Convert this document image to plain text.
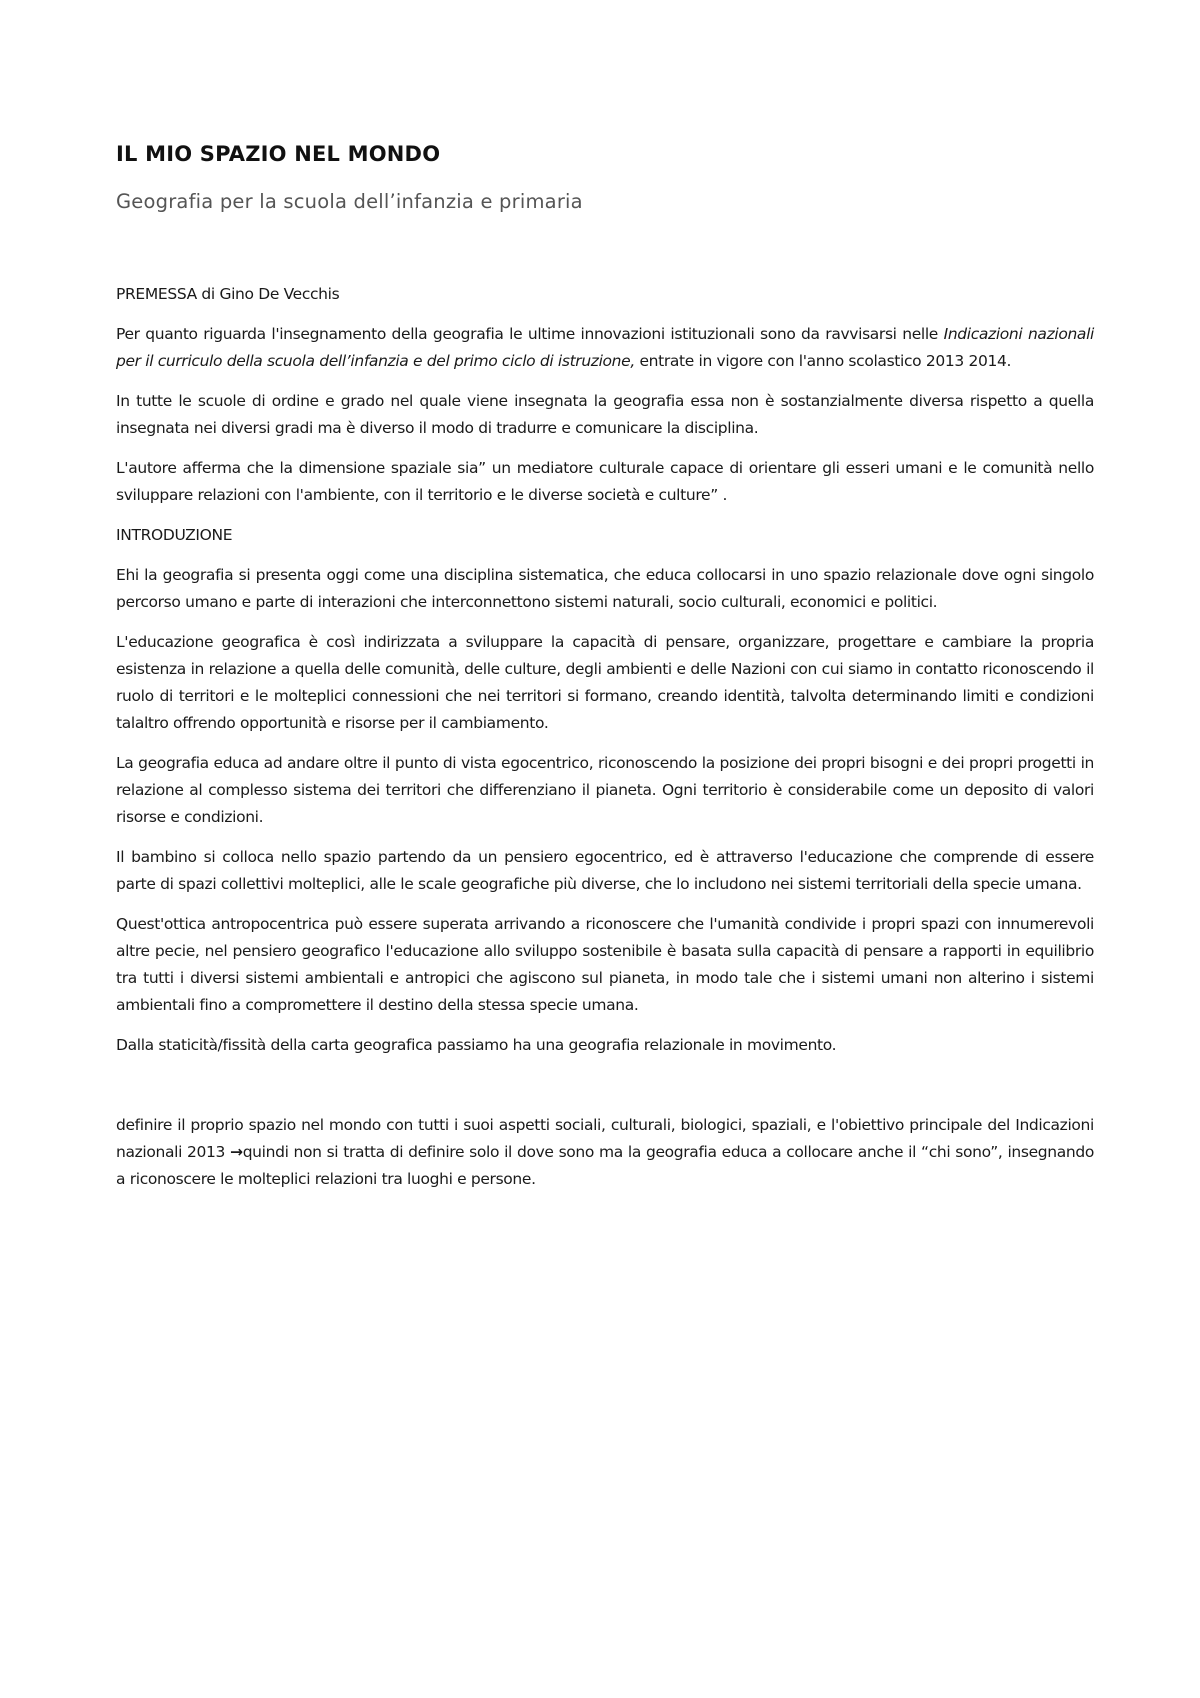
IL MIO SPAZIO NEL MONDO
Geografia per la scuola dell’infanzia e primaria

PREMESSA di Gino De Vecchis

Per quanto riguarda l'insegnamento della geografia le ultime innovazioni istituzionali sono da ravvisarsi nelle Indicazioni nazionali per il curriculo della scuola dell’infanzia e del primo ciclo di istruzione, entrate in vigore con l'anno scolastico 2013 2014.

In tutte le scuole di ordine e grado nel quale viene insegnata la geografia essa non è sostanzialmente diversa rispetto a quella insegnata nei diversi gradi ma è diverso il modo di tradurre e comunicare la disciplina.

L'autore afferma che la dimensione spaziale sia” un mediatore culturale capace di orientare gli esseri umani e le comunità nello sviluppare relazioni con l'ambiente, con il territorio e le diverse società e culture” .

INTRODUZIONE

Ehi la geografia si presenta oggi come una disciplina sistematica, che educa collocarsi in uno spazio relazionale dove ogni singolo percorso umano e parte di interazioni che interconnettono sistemi naturali, socio culturali, economici e politici.

L'educazione geografica è così indirizzata a sviluppare la capacità di pensare, organizzare, progettare e cambiare la propria esistenza in relazione a quella delle comunità, delle culture, degli ambienti e delle Nazioni con cui siamo in contatto riconoscendo il ruolo di territori e le molteplici connessioni che nei territori si formano, creando identità, talvolta determinando limiti e condizioni talaltro offrendo opportunità e risorse per il cambiamento.

La geografia educa ad andare oltre il punto di vista egocentrico, riconoscendo la posizione dei propri bisogni e dei propri progetti in relazione al complesso sistema dei territori che differenziano il pianeta. Ogni territorio è considerabile come un deposito di valori risorse e condizioni.

Il bambino si colloca nello spazio partendo da un pensiero egocentrico, ed è attraverso l'educazione che comprende di essere parte di spazi collettivi molteplici, alle le scale geografiche più diverse, che lo includono nei sistemi territoriali della specie umana.

Quest'ottica antropocentrica può essere superata arrivando a riconoscere che l'umanità condivide i propri spazi con innumerevoli altre pecie, nel pensiero geografico l'educazione allo sviluppo sostenibile è basata sulla capacità di pensare a rapporti in equilibrio tra tutti i diversi sistemi ambientali e antropici che agiscono sul pianeta, in modo tale che i sistemi umani non alterino i sistemi ambientali fino a compromettere il destino della stessa specie umana.

Dalla staticità/fissità della carta geografica passiamo ha una geografia relazionale in movimento.

definire il proprio spazio nel mondo con tutti i suoi aspetti sociali, culturali, biologici, spaziali, e l'obiettivo principale del Indicazioni nazionali 2013 →quindi non si tratta di definire solo il dove sono ma la geografia educa a collocare anche il “chi sono”, insegnando a riconoscere le molteplici relazioni tra luoghi e persone.
